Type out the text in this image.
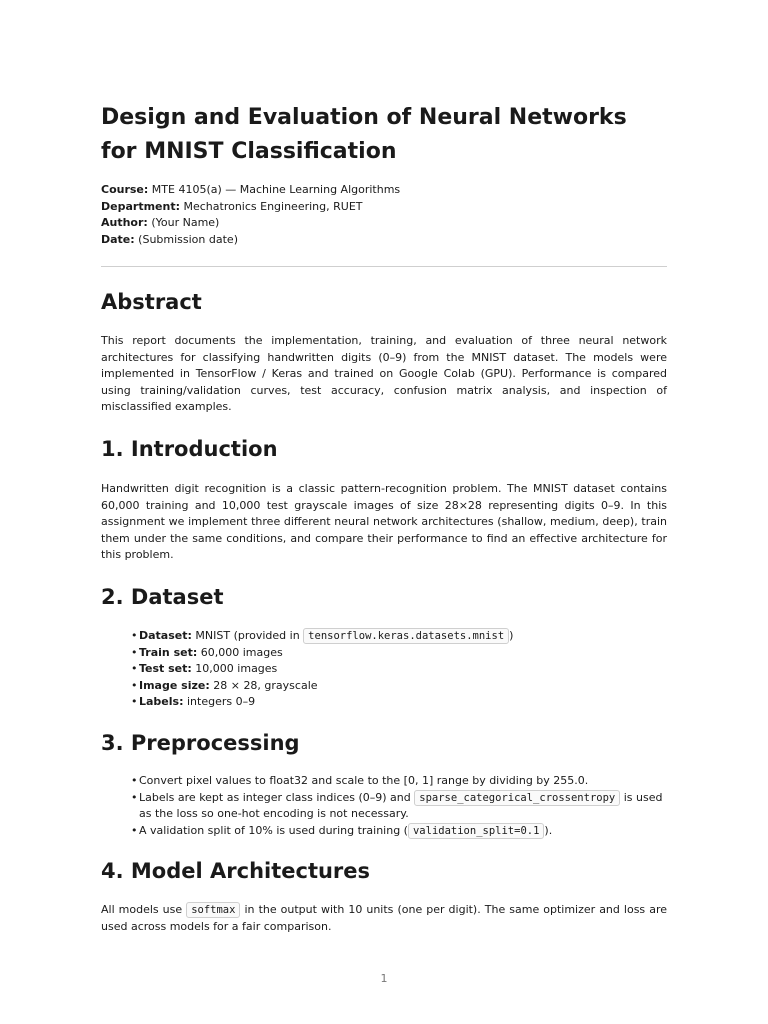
Design and Evaluation of Neural Networks for MNIST Classification
Course: MTE 4105(a) — Machine Learning Algorithms
Department: Mechatronics Engineering, RUET
Author: (Your Name)
Date: (Submission date)
Abstract

This report documents the implementation, training, and evaluation of three neural network architectures for classifying handwritten digits (0–9) from the MNIST dataset. The models were implemented in TensorFlow / Keras and trained on Google Colab (GPU). Performance is compared using training/validation curves, test accuracy, confusion matrix analysis, and inspection of misclassified examples.

1. Introduction

Handwritten digit recognition is a classic pattern-recognition problem. The MNIST dataset contains 60,000 training and 10,000 test grayscale images of size 28×28 representing digits 0–9. In this assignment we implement three different neural network architectures (shallow, medium, deep), train them under the same conditions, and compare their performance to find an effective architecture for this problem.

2. Dataset
• Dataset: MNIST (provided in tensorflow.keras.datasets.mnist )
• Train set: 60,000 images
• Test set: 10,000 images
• Image size: 28 × 28, grayscale
• Labels: integers 0–9
3. Preprocessing
• Convert pixel values to float32 and scale to the [0, 1] range by dividing by 255.0.
• Labels are kept as integer class indices (0–9) and sparse_categorical_crossentropy is used as the loss so one-hot encoding is not necessary.
• A validation split of 10% is used during training ( validation_split=0.1 ).
4. Model Architectures

All models use softmax in the output with 10 units (one per digit). The same optimizer and loss are used across models for a fair comparison.

1
